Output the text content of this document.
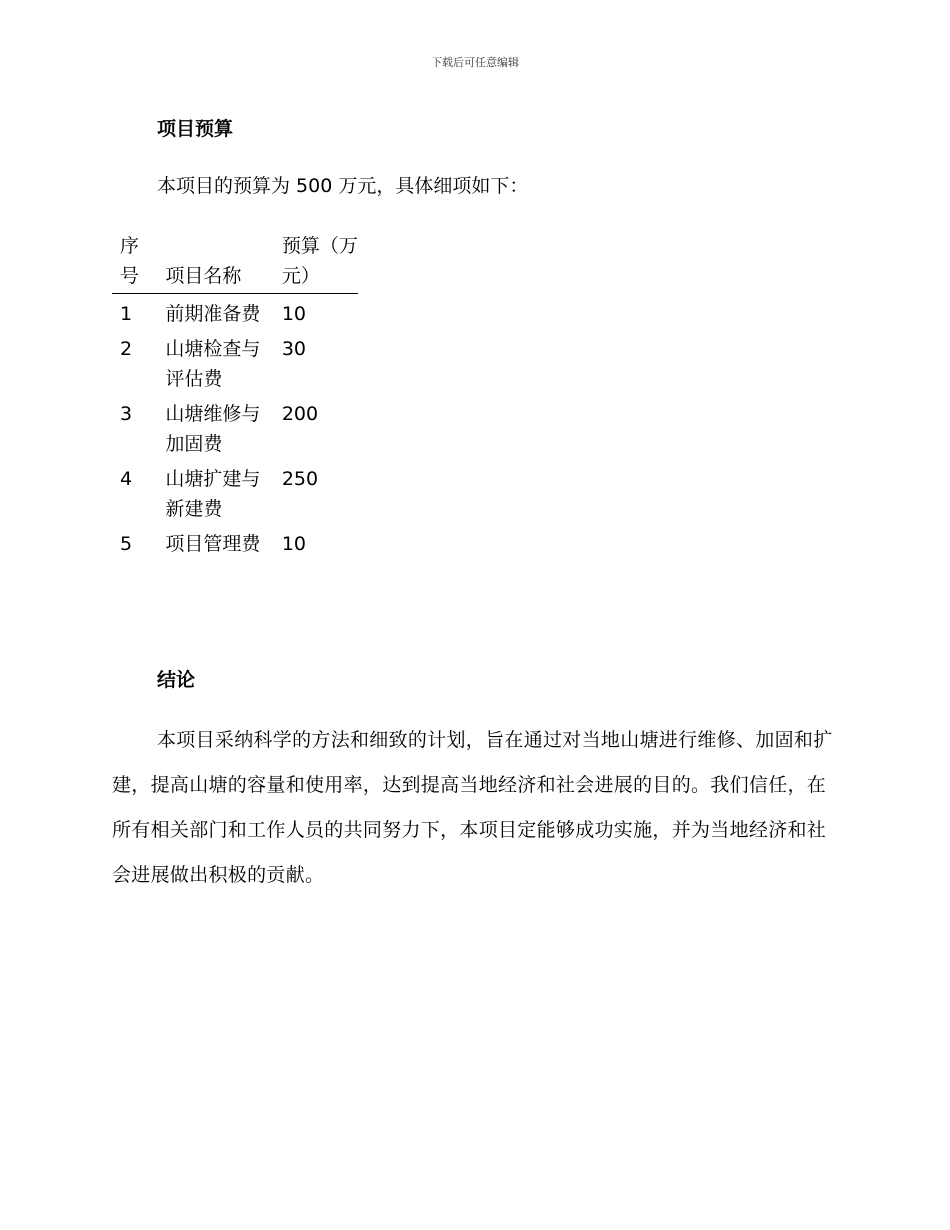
下载后可任意编辑
项目预算
本项目的预算为 500 万元，具体细项如下：
序号	项目名称	预算（万元）
1	前期准备费	10
2	山塘检查与评估费	30
3	山塘维修与加固费	200
4	山塘扩建与新建费	250
5	项目管理费	10
结论
本项目采纳科学的方法和细致的计划，旨在通过对当地山塘进行维修、加固和扩建，提高山塘的容量和使用率，达到提高当地经济和社会进展的目的。我们信任，在所有相关部门和工作人员的共同努力下，本项目定能够成功实施，并为当地经济和社会进展做出积极的贡献。
